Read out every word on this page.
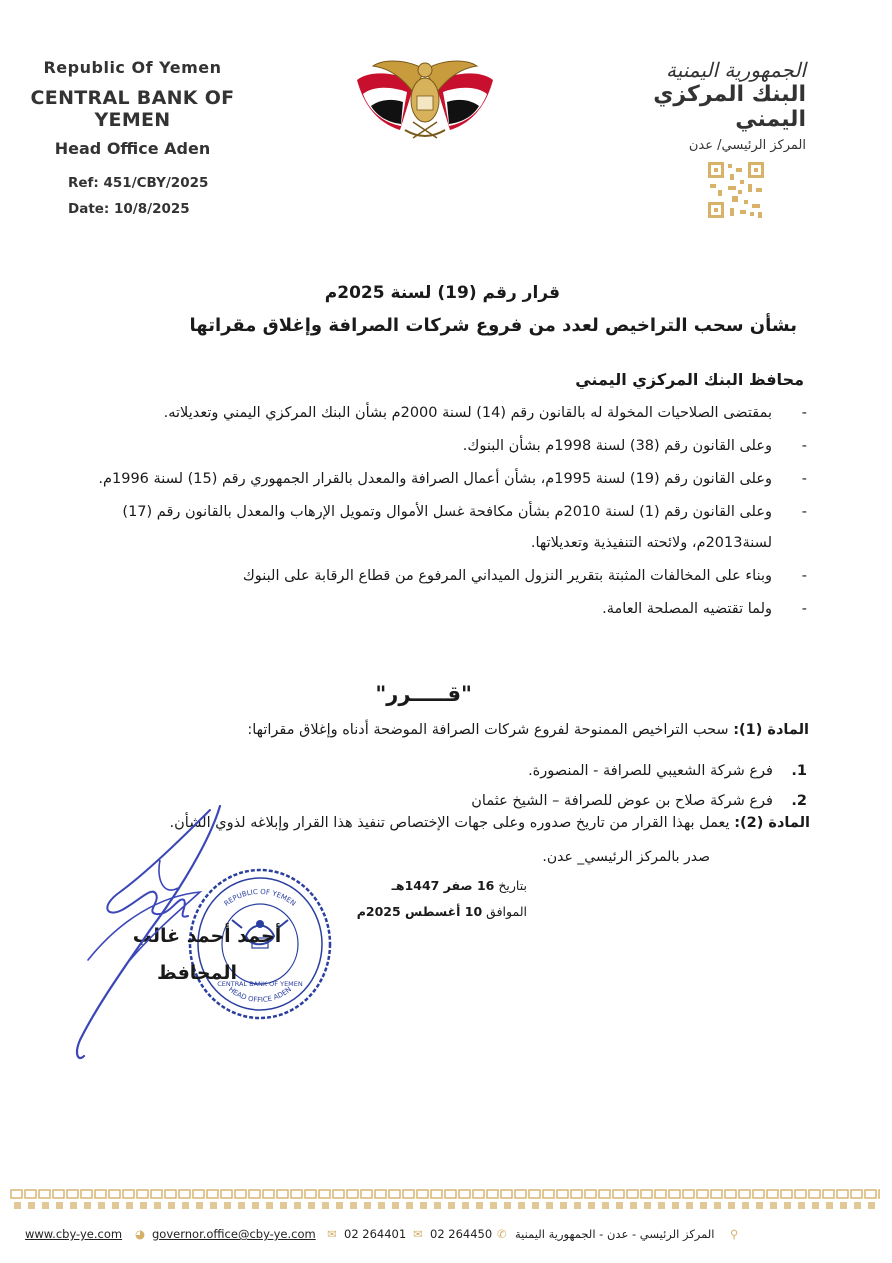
Republic Of Yemen
CENTRAL BANK OF YEMEN
Head Office Aden
Ref: 451/CBY/2025
Date: 10/8/2025
الجمهورية اليمنية
البنك المركزي اليمني
المركز الرئيسي/ عدن
قرار رقم (19) لسنة 2025م
بشأن سحب التراخيص لعدد من فروع شركات الصرافة وإغلاق مقراتها
محافظ البنك المركزي اليمني
-
بمقتضى الصلاحيات المخولة له بالقانون رقم (14) لسنة 2000م بشأن البنك المركزي اليمني وتعديلاته.
-
وعلى القانون رقم (38) لسنة 1998م بشأن البنوك.
-
وعلى القانون رقم (19) لسنة 1995م، بشأن أعمال الصرافة والمعدل بالقرار الجمهوري رقم (15) لسنة 1996م.
-
وعلى القانون رقم (1) لسنة 2010م بشأن مكافحة غسل الأموال وتمويل الإرهاب والمعدل بالقانون رقم (17) لسنة2013م، ولائحته التنفيذية وتعديلاتها.
-
وبناء على المخالفات المثبتة بتقرير النزول الميداني المرفوع من قطاع الرقابة على البنوك
-
ولما تقتضيه المصلحة العامة.
"قـــــرر"
المادة (1): سحب التراخيص الممنوحة لفروع شركات الصرافة الموضحة أدناه وإغلاق مقراتها:
1.
فرع شركة الشعيبي للصرافة - المنصورة.
2.
فرع شركة صلاح بن عوض للصرافة – الشيخ عثمان
المادة (2): يعمل بهذا القرار من تاريخ صدوره وعلى جهات الإختصاص تنفيذ هذا القرار وإبلاغه لذوي الشأن.
صدر بالمركز الرئيسي_ عدن.
بتاريخ 16 صفر 1447هـ
الموافق 10 أغسطس 2025م
REPUBLIC OF YEMEN
HEAD OFFICE ADEN
CENTRAL BANK OF YEMEN
أحمد أحمد غالب
المحافظ
www.cby-ye.com ◕ governor.office@cby-ye.com ✉ 02 264401 ✉ 02 264450 ✆ المركز الرئيسي - عدن - الجمهورية اليمنية ⚲
